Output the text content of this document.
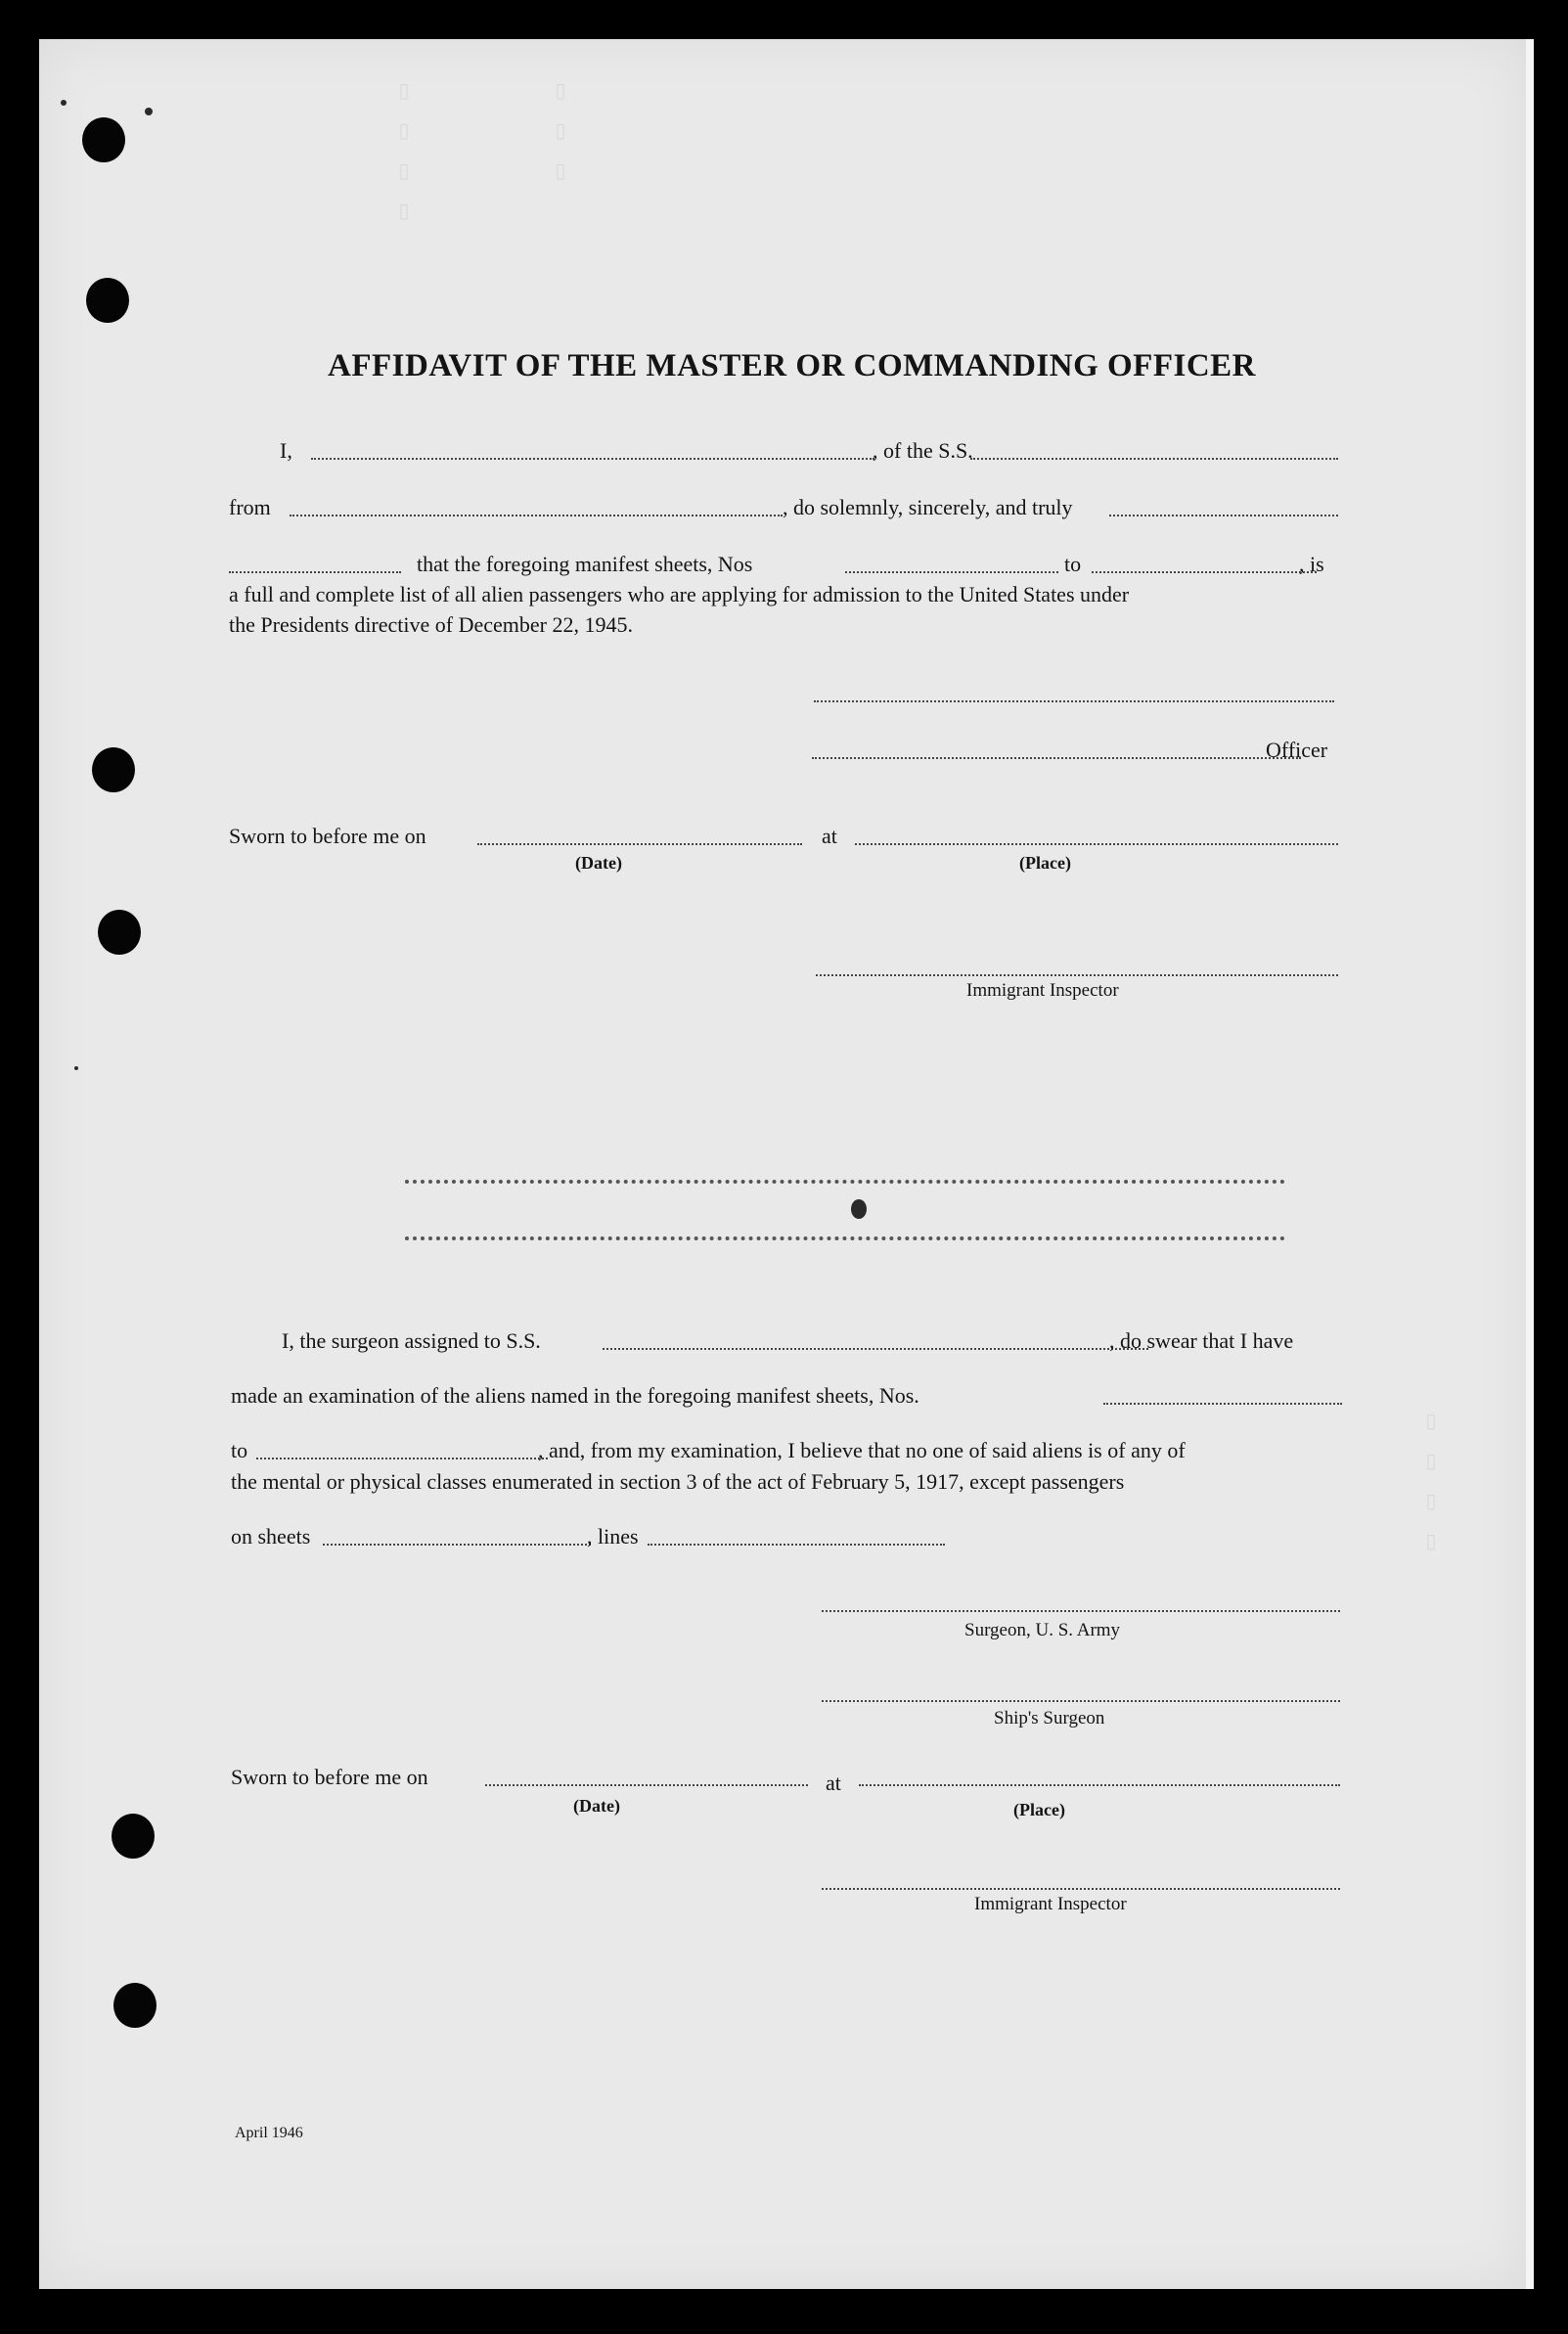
▯ ▯ ▯ ▯	▯ ▯ ▯
▯ ▯ ▯ ▯
AFFIDAVIT OF THE MASTER OR COMMANDING OFFICER
I,	, of the S.S.
from	, do solemnly, sincerely, and truly
that the foregoing manifest sheets, Nos	to	, is
a full and complete list of all alien passengers who are applying for admission to the United States under
the Presidents directive of December 22, 1945.
Officer
Sworn to before me on	at
(Date)	(Place)
Immigrant Inspector
I, the surgeon assigned to S.S.	, do swear that I have
made an examination of the aliens named in the foregoing manifest sheets, Nos.
to	, and, from my examination, I believe that no one of said aliens is of any of
the mental or physical classes enumerated in section 3 of the act of February 5, 1917, except passengers
on sheets	, lines
Surgeon, U. S. Army
Ship's Surgeon
Sworn to before me on	at
(Date)	(Place)
Immigrant Inspector
April 1946
